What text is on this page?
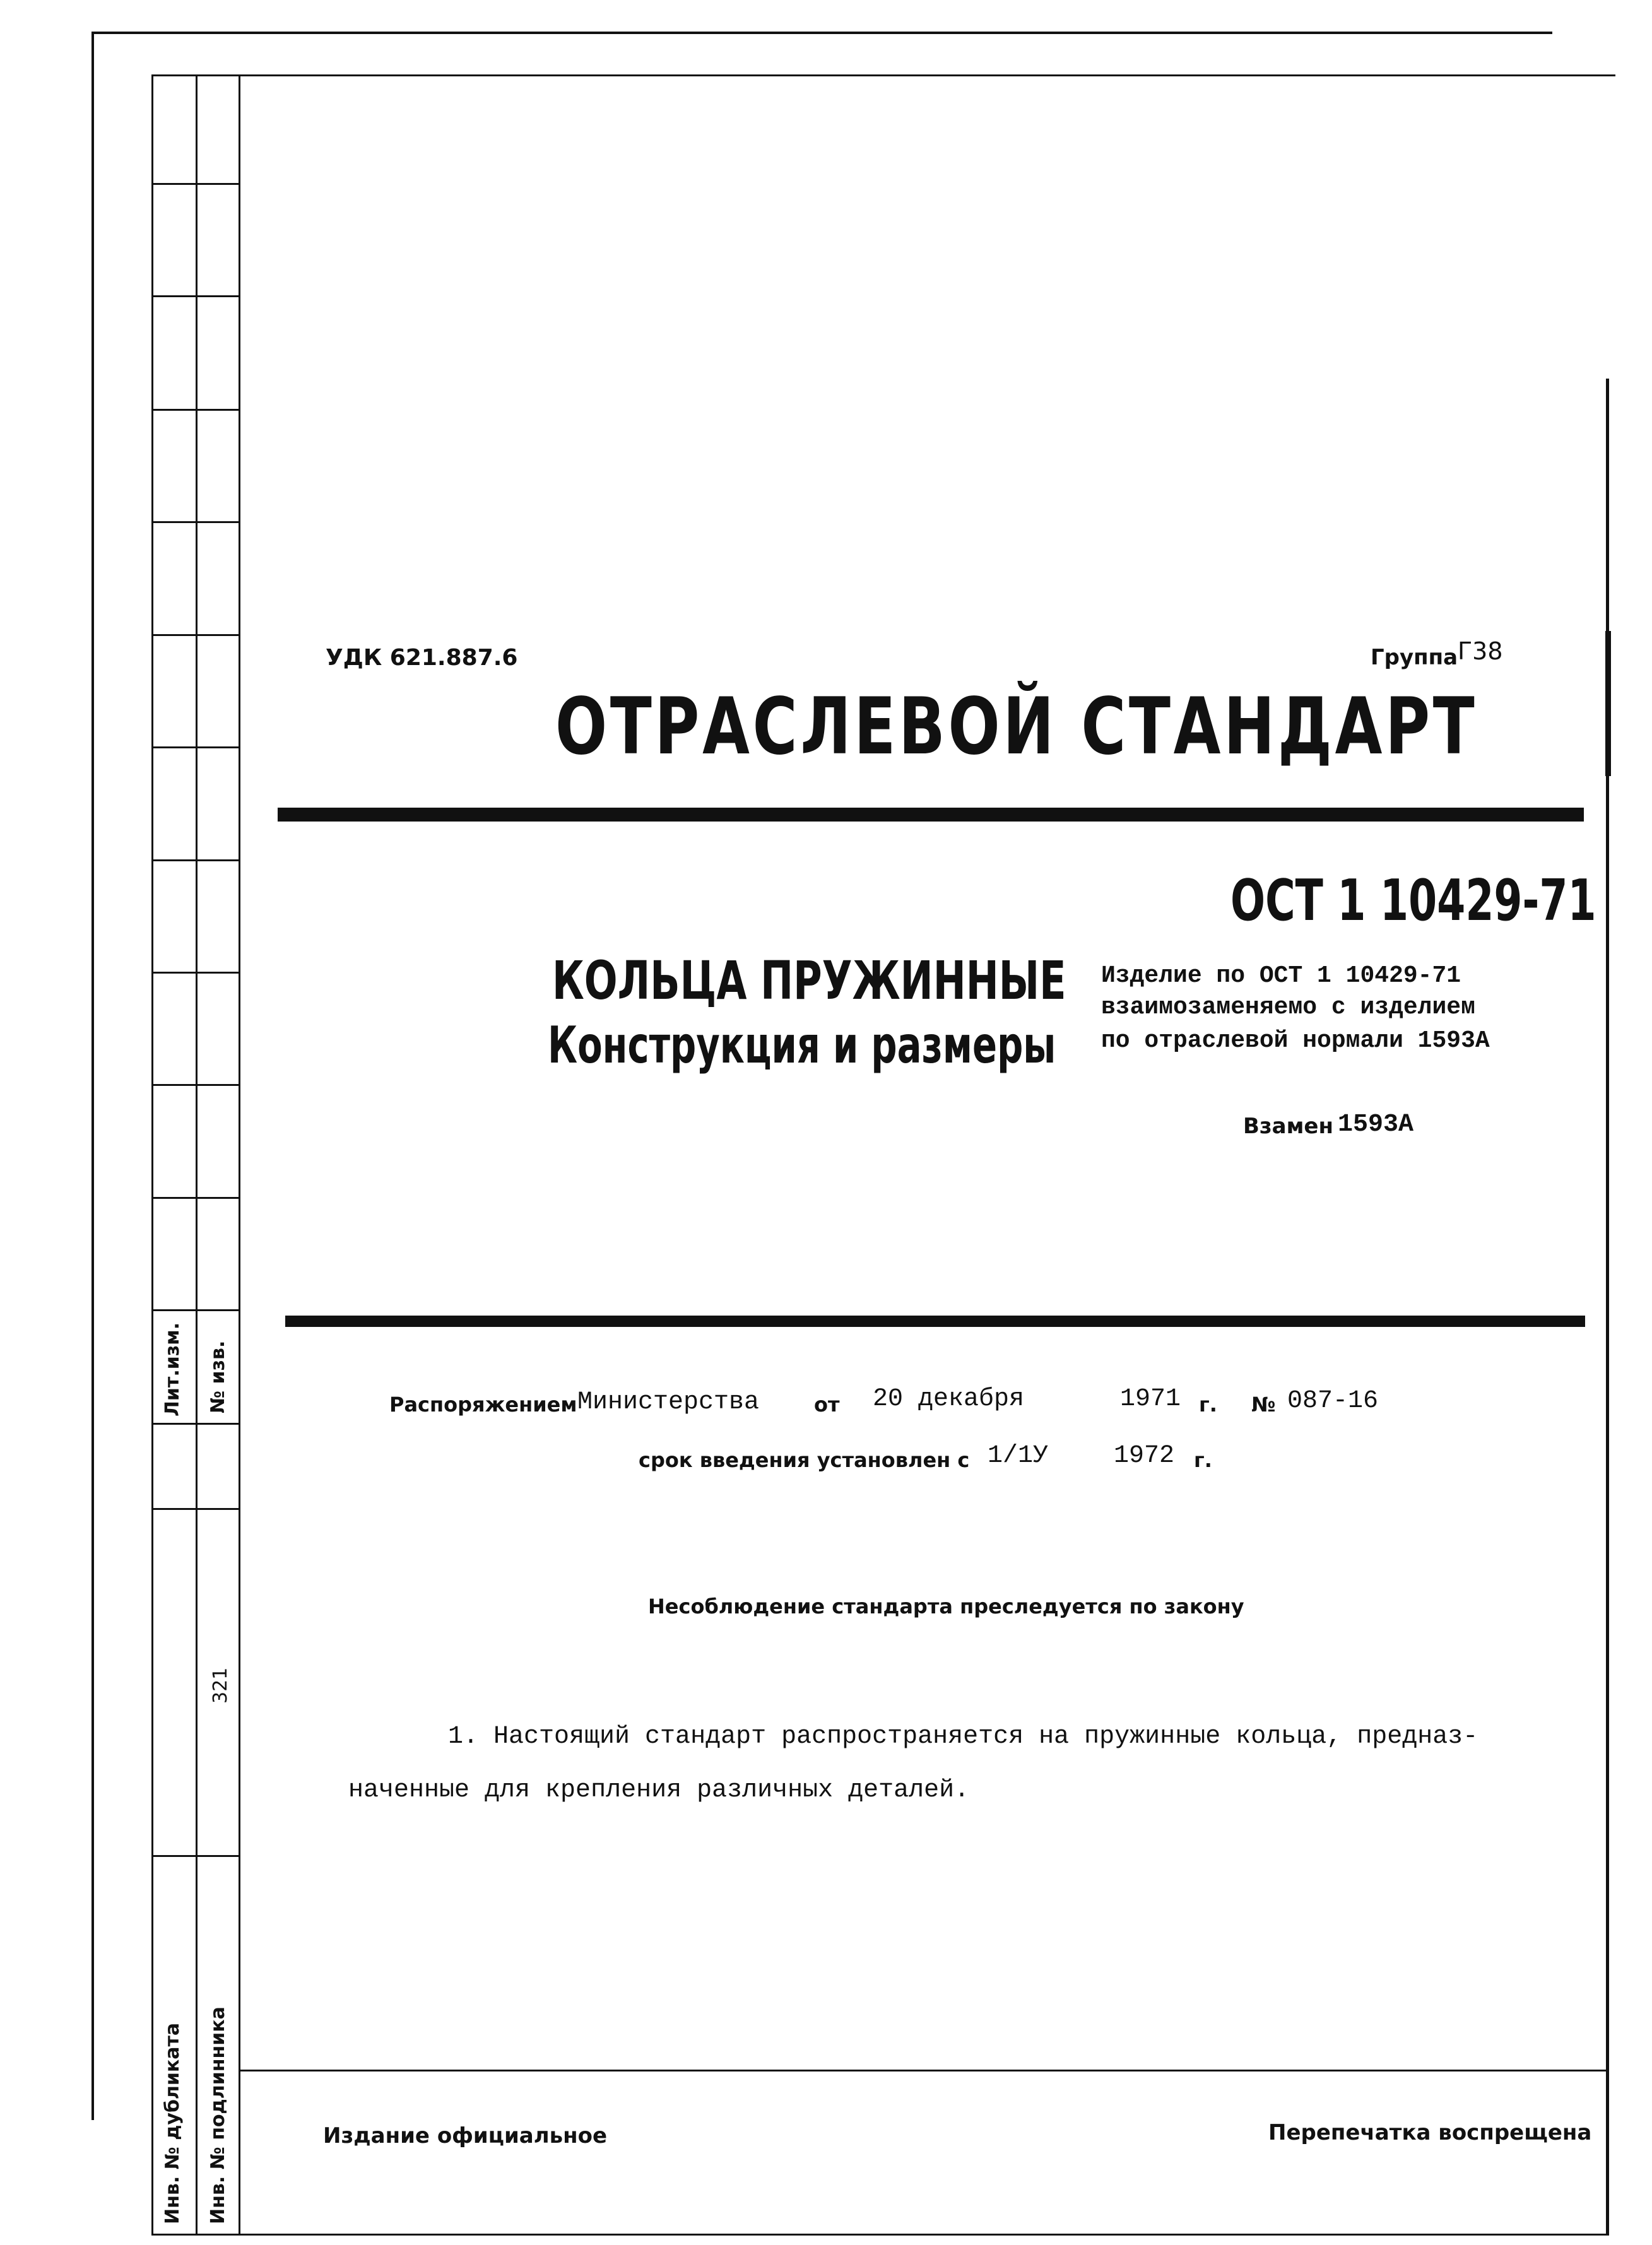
Лит.изм. № изв.
321
Инв. № дубликата Инв. № подлинника
УДК 621.887.6	Группа Г38
ОТРАСЛЕВОЙ СТАНДАРТ
ОСТ 1 10429-71
КОЛЬЦА ПРУЖИННЫЕ
Конструкция и размеры
Изделие по ОСТ 1 10429-71
взаимозаменяемо с изделием
по отраслевой нормали 1593А
Взамен 1593А
Распоряжением Министерства	от 20 декабря	1971 г. № 087-16
срок введения установлен с 1/1У	1972 г.
Несоблюдение стандарта преследуется по закону
1. Настоящий стандарт распространяется на пружинные кольца, предназ-
наченные для крепления различных деталей.
Издание официальное	Перепечатка воспрещена
